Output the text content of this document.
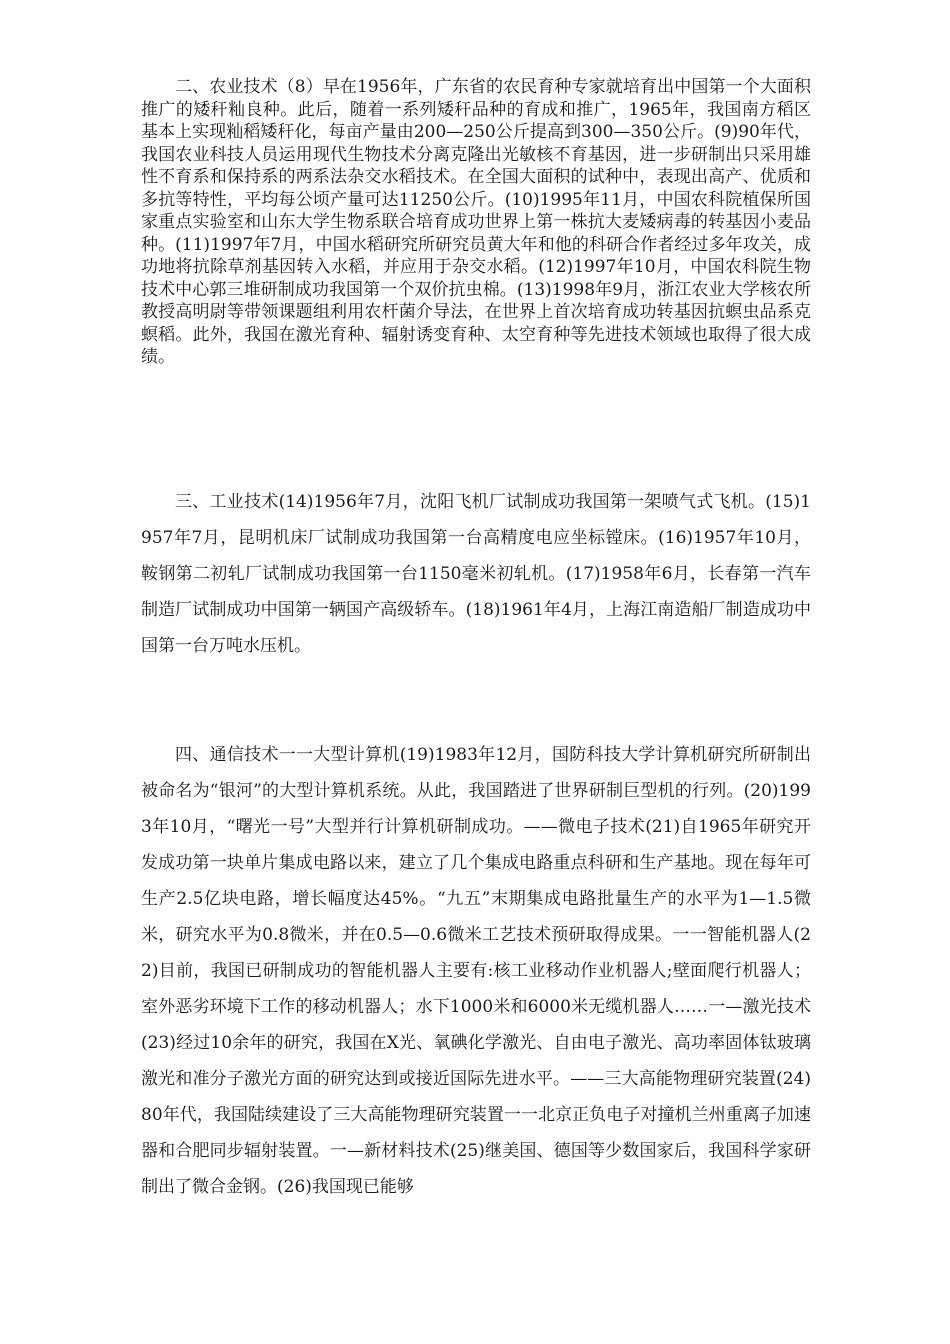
二、农业技术（8）早在1956年，广东省的农民育种专家就培育出中国第一个大面积推广的矮秆籼良种。此后，随着一系列矮秆品种的育成和推广，1965年，我国南方稻区基本上实现籼稻矮秆化，每亩产量由200—250公斤提高到300—350公斤。(9)90年代，我国农业科技人员运用现代生物技术分离克隆出光敏核不育基因，进一步研制出只采用雄性不育系和保持系的两系法杂交水稻技术。在全国大面积的试种中，表现出高产、优质和多抗等特性，平均每公顷产量可达11250公斤。(10)1995年11月，中国农科院植保所国家重点实验室和山东大学生物系联合培育成功世界上第一株抗大麦矮病毒的转基因小麦品种。(11)1997年7月，中国水稻研究所研究员黄大年和他的科研合作者经过多年攻关，成功地将抗除草剂基因转入水稻，并应用于杂交水稻。(12)1997年10月，中国农科院生物技术中心郭三堆研制成功我国第一个双价抗虫棉。(13)1998年9月，浙江农业大学核农所教授高明尉等带领课题组利用农杆菌介导法，在世界上首次培育成功转基因抗螟虫品系克螟稻。此外，我国在激光育种、辐射诱变育种、太空育种等先进技术领域也取得了很大成绩。

三、工业技术(14)1956年7月，沈阳飞机厂试制成功我国第一架喷气式飞机。(15)1957年7月，昆明机床厂试制成功我国第一台高精度电应坐标镗床。(16)1957年10月，鞍钢第二初轧厂试制成功我国第一台1150毫米初轧机。(17)1958年6月，长春第一汽车制造厂试制成功中国第一辆国产高级轿车。(18)1961年4月，上海江南造船厂制造成功中国第一台万吨水压机。

四、通信技术一一大型计算机(19)1983年12月，国防科技大学计算机研究所研制出被命名为“银河”的大型计算机系统。从此，我国踏进了世界研制巨型机的行列。(20)1993年10月，“曙光一号”大型并行计算机研制成功。——微电子技术(21)自1965年研究开发成功第一块单片集成电路以来，建立了几个集成电路重点科研和生产基地。现在每年可生产2.5亿块电路，增长幅度达45%。“九五”末期集成电路批量生产的水平为1—1.5微米，研究水平为0.8微米，并在0.5—0.6微米工艺技术预研取得成果。一一智能机器人(22)目前，我国已研制成功的智能机器人主要有:核工业移动作业机器人;壁面爬行机器人；室外恶劣环境下工作的移动机器人；水下1000米和6000米无缆机器人……一—激光技术(23)经过10余年的研究，我国在X光、氧碘化学激光、自由电子激光、高功率固体钛玻璃激光和准分子激光方面的研究达到或接近国际先进水平。——三大高能物理研究装置(24)80年代，我国陆续建设了三大高能物理研究装置一一北京正负电子对撞机兰州重离子加速器和合肥同步辐射装置。一—新材料技术(25)继美国、德国等少数国家后，我国科学家研制出了微合金钢。(26)我国现已能够
